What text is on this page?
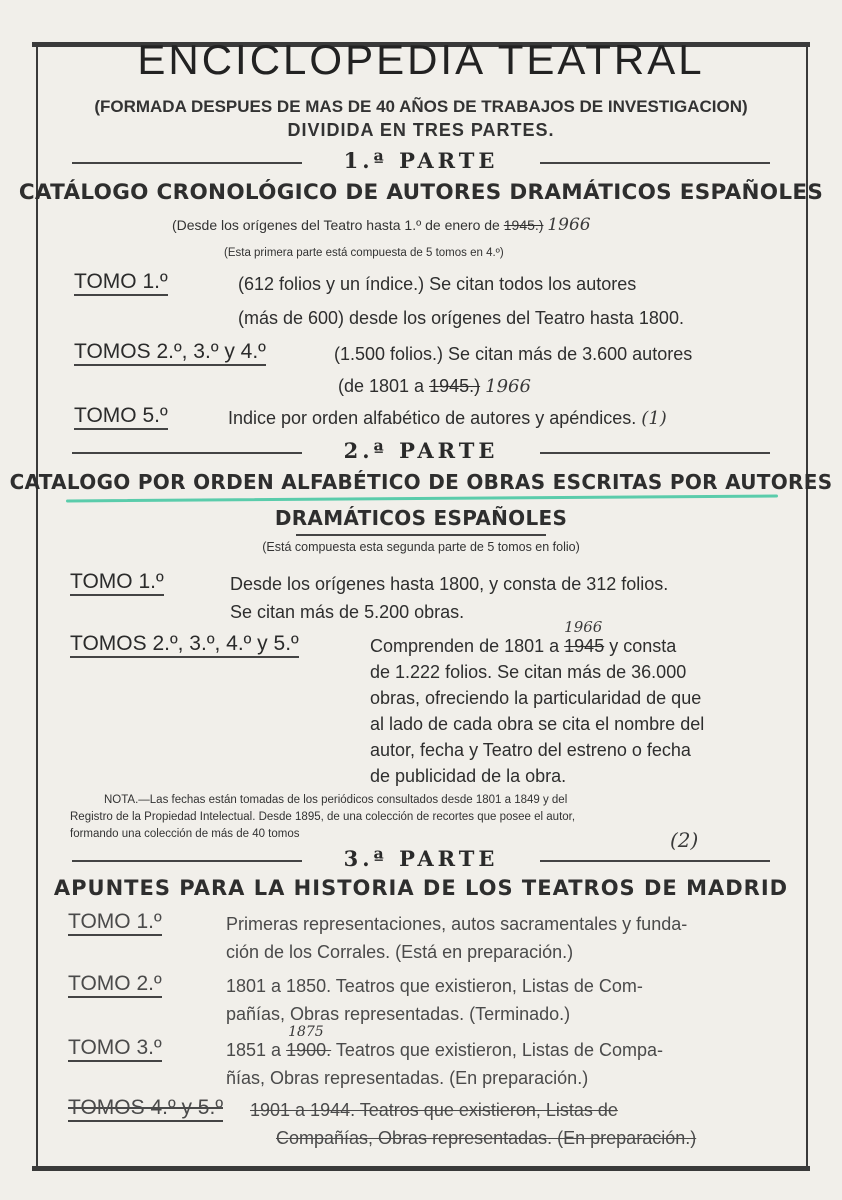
ENCICLOPEDIA TEATRAL
(FORMADA DESPUES DE MAS DE 40 AÑOS DE TRABAJOS DE INVESTIGACION)
DIVIDIDA EN TRES PARTES.
1.ª PARTE
CATÁLOGO CRONOLÓGICO DE AUTORES DRAMÁTICOS ESPAÑOLES
(Desde los orígenes del Teatro hasta 1.º de enero de 1945.) 1966
(Esta primera parte está compuesta de 5 tomos en 4.º)
TOMO 1.º	(612 folios y un índice.) Se citan todos los autores
(más de 600) desde los orígenes del Teatro hasta 1800.
TOMOS 2.º, 3.º y 4.º	(1.500 folios.) Se citan más de 3.600 autores
(de 1801 a 1945.) 1966
TOMO 5.º	Indice por orden alfabético de autores y apéndices. (1)
2.ª PARTE
CATALOGO POR ORDEN ALFABÉTICO DE OBRAS ESCRITAS POR AUTORES
DRAMÁTICOS ESPAÑOLES
(Está compuesta esta segunda parte de 5 tomos en folio)
TOMO 1.º	Desde los orígenes hasta 1800, y consta de 312 folios.
Se citan más de 5.200 obras.
TOMOS 2.º, 3.º, 4.º y 5.º	Comprenden de 1801 a 1945
1966
y consta
de 1.222 folios. Se citan más de 36.000
obras, ofreciendo la particularidad de que
al lado de cada obra se cita el nombre del
autor, fecha y Teatro del estreno o fecha
de publicidad de la obra.
NOTA.—Las fechas están tomadas de los periódicos consultados desde 1801 a 1849 y del
Registro de la Propiedad Intelectual. Desde 1895, de una colección de recortes que posee el autor,
formando una colección de más de 40 tomos	(2)
3.ª PARTE
APUNTES PARA LA HISTORIA DE LOS TEATROS DE MADRID
TOMO 1.º	Primeras representaciones, autos sacramentales y funda-
ción de los Corrales. (Está en preparación.)
TOMO 2.º	1801 a 1850. Teatros que existieron, Listas de Com-
pañías, Obras representadas. (Terminado.)
TOMO 3.º	1851 a 1900.
1875
Teatros que existieron, Listas de Compa-
ñías, Obras representadas. (En preparación.)
TOMOS 4.º y 5.º 1901 a 1944. Teatros que existieron, Listas de
Compañías, Obras representadas. (En preparación.)
